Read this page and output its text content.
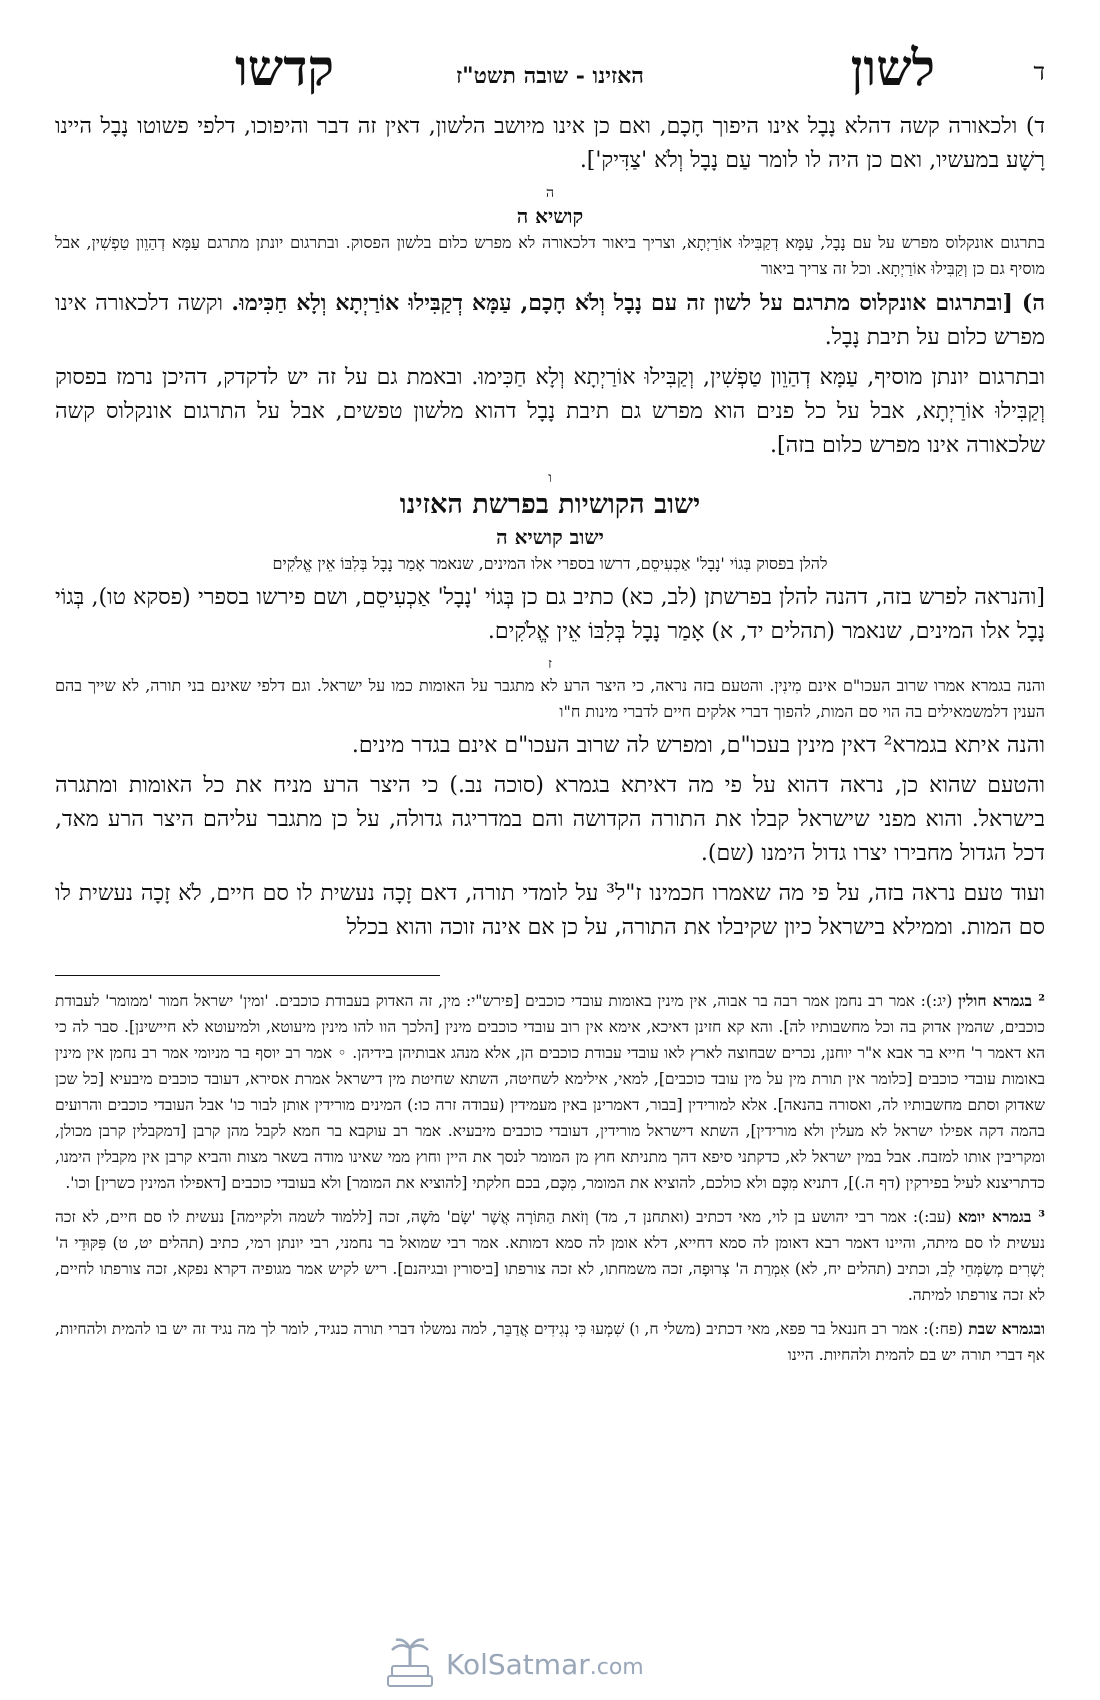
ד
לשון
האזינו - שובה תשט"ז
קדשו

ד) ולכאורה קשה דהלא נָבָל אינו היפוך חָכָם, ואם כן אינו מיושב הלשון, דאין זה דבר והיפוכו, דלפי פשוטו נָבָל היינו רָשָׁע במעשיו, ואם כן היה לו לומר עַם נָבָל וְלֹא 'צַדִּיק'].

ה
קושיא ה

בתרגום אונקלוס מפרש על עם נָבָל, עַמָּא דְקַבִּילוּ אוֹרַיְתָא, וצריך ביאור דלכאורה לא מפרש כלום בלשון הפסוק. ובתרגום יונתן מתרגם עַמָּא דְהַוֵון טַפְשִׁין, אבל מוסיף גם כן וְקַבִּילוּ אוֹרַיְתָא. וכל זה צריך ביאור

ה) [ובתרגום אונקלוס מתרגם על לשון זה עם נָבָל וְלֹא חָכָם, עַמָּא דְקַבִּילוּ אוֹרַיְתָא וְלָא חַכִּימוּ. וקשה דלכאורה אינו מפרש כלום על תיבת נָבָל.

ובתרגום יונתן מוסיף, עַמָּא דְהַוֵון טַפְשִׁין, וְקַבִּילוּ אוֹרַיְתָא וְלָא חַכִּימוּ. ובאמת גם על זה יש לדקדק, דהיכן נרמז בפסוק וְקַבִּילוּ אוֹרַיְתָא, אבל על כל פנים הוא מפרש גם תיבת נָבָל דהוא מלשון טפשים, אבל על התרגום אונקלוס קשה שלכאורה אינו מפרש כלום בזה].

ו
ישוב הקושיות בפרשת האזינו
ישוב קושיא ה

להלן בפסוק בְּגוֹי 'נָבָל' אַכְעִיסֵם, דרשו בספרי אלו המינים, שנאמר אָמַר נָבָל בְּלִבּוֹ אֵין אֱלֹקִים

[והנראה לפרש בזה, דהנה להלן בפרשתן (לב, כא) כתיב גם כן בְּגוֹי 'נָבָל' אַכְעִיסֵם, ושם פירשו בספרי (פסקא טו), בְּגוֹי נָבָל אלו המינים, שנאמר (תהלים יד, א) אָמַר נָבָל בְּלִבּוֹ אֵין אֱלֹקִים.

ז

והנה בגמרא אמרו שרוב העכו"ם אינם מִינִין. והטעם בזה נראה, כי היצר הרע לא מתגבר על האומות כמו על ישראל. וגם דלפי שאינם בני תורה, לא שייך בהם הענין דלמשמאילים בה הוי סם המות, להפוך דברי אלקים חיים לדברי מינות ח"ו

והנה איתא בגמרא² דאין מינין בעכו"ם, ומפרש לה שרוב העכו"ם אינם בגדר מינים.

והטעם שהוא כן, נראה דהוא על פי מה דאיתא בגמרא (סוכה נב.) כי היצר הרע מניח את כל האומות ומתגרה בישראל. והוא מפני שישראל קבלו את התורה הקדושה והם במדריגה גדולה, על כן מתגבר עליהם היצר הרע מאד, דכל הגדול מחבירו יצרו גדול הימנו (שם).

ועוד טעם נראה בזה, על פי מה שאמרו חכמינו ז"ל³ על לומדי תורה, דאם זָכָה נעשית לו סם חיים, לֹא זָכָה נעשית לו סם המות. וממילא בישראל כיון שקיבלו את התורה, על כן אם אינה זוכה והוא בכלל

² בגמרא חולין (יג:): אמר רב נחמן אמר רבה בר אבוה, אין מינין באומות עובדי כוכבים [פירש"י: מין, זה האדוק בעבודת כוכבים. 'ומין' ישראל חמור 'ממומר' לעבודת כוכבים, שהמין אדוק בה וכל מחשבותיו לה]. והא קא חזינן דאיכא, אימא אין רוב עובדי כוכבים מינין [הלכך הוו להו מינין מיעוטא, ולמיעוטא לא חיישינן]. סבר לה כי הא דאמר ר' חייא בר אבא א"ר יוחנן, נכרים שבחוצה לארץ לאו עובדי עבודת כוכבים הן, אלא מנהג אבותיהן בידיהן. ◦ אמר רב יוסף בר מניומי אמר רב נחמן אין מינין באומות עובדי כוכבים [כלומר אין תורת מין על מין עובד כוכבים], למאי, אילימא לשחיטה, השתא שחיטת מין דישראל אמרת אסירא, דעובד כוכבים מיבעיא [כל שכן שאדוק וסתם מחשבותיו לה, ואסורה בהנאה]. אלא למורידין [בבור, דאמרינן באין מעמידין (עבודה זרה כו:) המינים מורידין אותן לבור כו' אבל העובדי כוכבים והרועים בהמה דקה אפילו ישראל לא מעלין ולא מורידין], השתא דישראל מורידין, דעובדי כוכבים מיבעיא. אמר רב עוקבא בר חמא לקבל מהן קרבן [דמקבלין קרבן מכולן, ומקריבין אותו למזבח. אבל במין ישראל לא, כדקתני סיפא דהך מתניתא חוץ מן המומר לנסך את היין וחוץ ממי שאינו מודה בשאר מצות והביא קרבן אין מקבלין הימנו, כדתריצנא לעיל בפירקין (דף ה.)], דתניא מִכֶּם ולא כולכם, להוציא את המומר, מִכֶּם, בכם חלקתי [להוציא את המומר] ולא בעובדי כוכבים [דאפילו המינין כשרין] וכו'.

³ בגמרא יומא (עב:): אמר רבי יהושע בן לוי, מאי דכתיב (ואתחנן ד, מד) וְזֹאת הַתּוֹרָה אֲשֶׁר 'שָׂם' מֹשֶׁה, זכה [ללמוד לשמה ולקיימה] נעשית לו סם חיים, לא זכה נעשית לו סם מיתה, והיינו דאמר רבא דאומן לה סמא דחייא, דלא אומן לה סמא דמותא. אמר רבי שמואל בר נחמני, רבי יונתן רמי, כתיב (תהלים יט, ט) פִּקּוּדֵי ה' יְשָׁרִים מְשַׂמְּחֵי לֵב, וכתיב (תהלים יח, לא) אִמְרַת ה' צְרוּפָה, זכה משמחתו, לא זכה צורפתו [ביסורין ובגיהנם]. ריש לקיש אמר מגופיה דקרא נפקא, זכה צורפתו לחיים, לא זכה צורפתו למיתה.

ובגמרא שבת (פח:): אמר רב חננאל בר פפא, מאי דכתיב (משלי ח, ו) שִׁמְעוּ כִּי נְגִידִים אֲדַבֵּר, למה נמשלו דברי תורה כנגיד, לומר לך מה נגיד זה יש בו להמית ולהחיות, אף דברי תורה יש בם להמית ולהחיות. היינו

KolSatmar.com
